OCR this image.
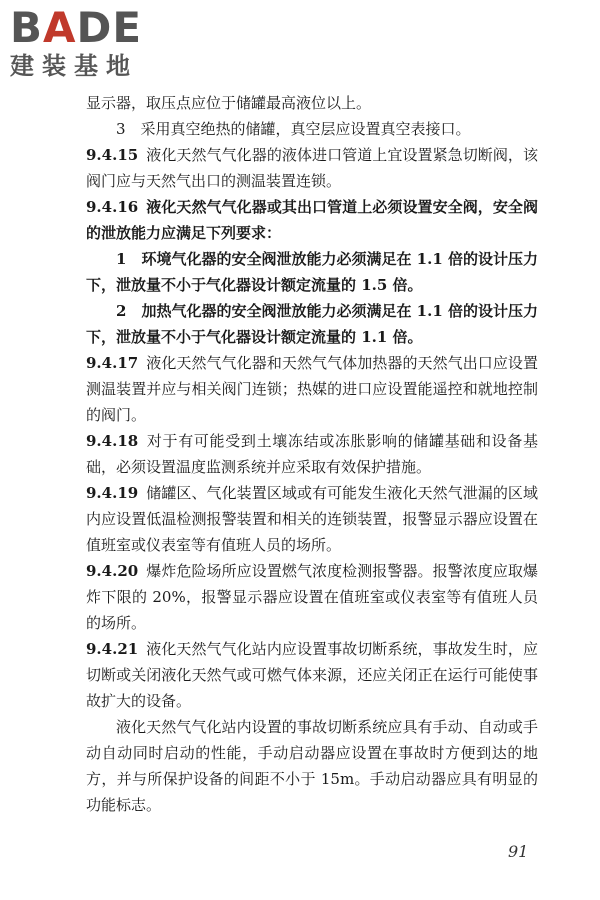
BADE
建装基地

显示器，取压点应位于储罐最高液位以上。

3　采用真空绝热的储罐，真空层应设置真空表接口。

9.4.15 液化天然气气化器的液体进口管道上宜设置紧急切断阀，该阀门应与天然气出口的测温装置连锁。

9.4.16 液化天然气气化器或其出口管道上必须设置安全阀，安全阀的泄放能力应满足下列要求：

1　环境气化器的安全阀泄放能力必须满足在 1.1 倍的设计压力下，泄放量不小于气化器设计额定流量的 1.5 倍。

2　加热气化器的安全阀泄放能力必须满足在 1.1 倍的设计压力下，泄放量不小于气化器设计额定流量的 1.1 倍。

9.4.17 液化天然气气化器和天然气气体加热器的天然气出口应设置测温装置并应与相关阀门连锁；热媒的进口应设置能遥控和就地控制的阀门。

9.4.18 对于有可能受到土壤冻结或冻胀影响的储罐基础和设备基础，必须设置温度监测系统并应采取有效保护措施。

9.4.19 储罐区、气化装置区域或有可能发生液化天然气泄漏的区域内应设置低温检测报警装置和相关的连锁装置，报警显示器应设置在值班室或仪表室等有值班人员的场所。

9.4.20 爆炸危险场所应设置燃气浓度检测报警器。报警浓度应取爆炸下限的 20%，报警显示器应设置在值班室或仪表室等有值班人员的场所。

9.4.21 液化天然气气化站内应设置事故切断系统，事故发生时，应切断或关闭液化天然气或可燃气体来源，还应关闭正在运行可能使事故扩大的设备。

液化天然气气化站内设置的事故切断系统应具有手动、自动或手动自动同时启动的性能，手动启动器应设置在事故时方便到达的地方，并与所保护设备的间距不小于 15m。手动启动器应具有明显的功能标志。

91
